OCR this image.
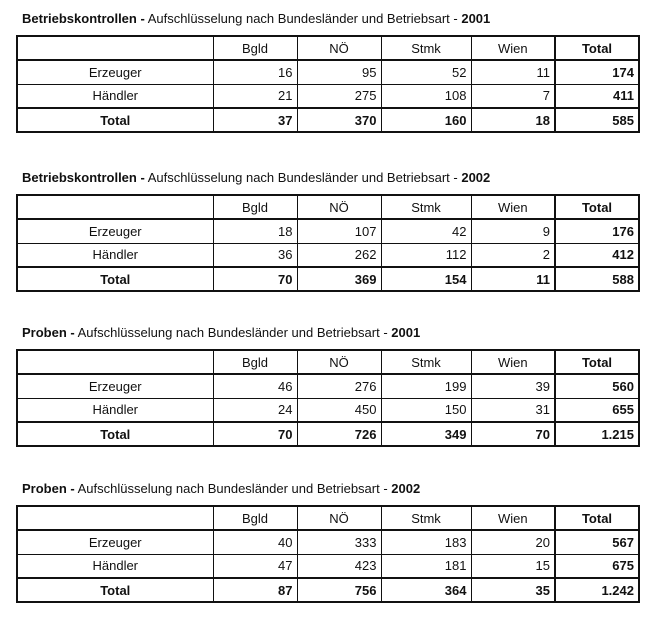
Betriebskontrollen - Aufschlüsselung nach Bundesländer und Betriebsart - 2001
	Bgld	NÖ	Stmk	Wien	Total
Erzeuger	16	95	52	11	174
Händler	21	275	108	7	411
Total	37	370	160	18	585
Betriebskontrollen - Aufschlüsselung nach Bundesländer und Betriebsart - 2002
	Bgld	NÖ	Stmk	Wien	Total
Erzeuger	18	107	42	9	176
Händler	36	262	112	2	412
Total	70	369	154	11	588
Proben - Aufschlüsselung nach Bundesländer und Betriebsart - 2001
	Bgld	NÖ	Stmk	Wien	Total
Erzeuger	46	276	199	39	560
Händler	24	450	150	31	655
Total	70	726	349	70	1.215
Proben - Aufschlüsselung nach Bundesländer und Betriebsart - 2002
	Bgld	NÖ	Stmk	Wien	Total
Erzeuger	40	333	183	20	567
Händler	47	423	181	15	675
Total	87	756	364	35	1.242
